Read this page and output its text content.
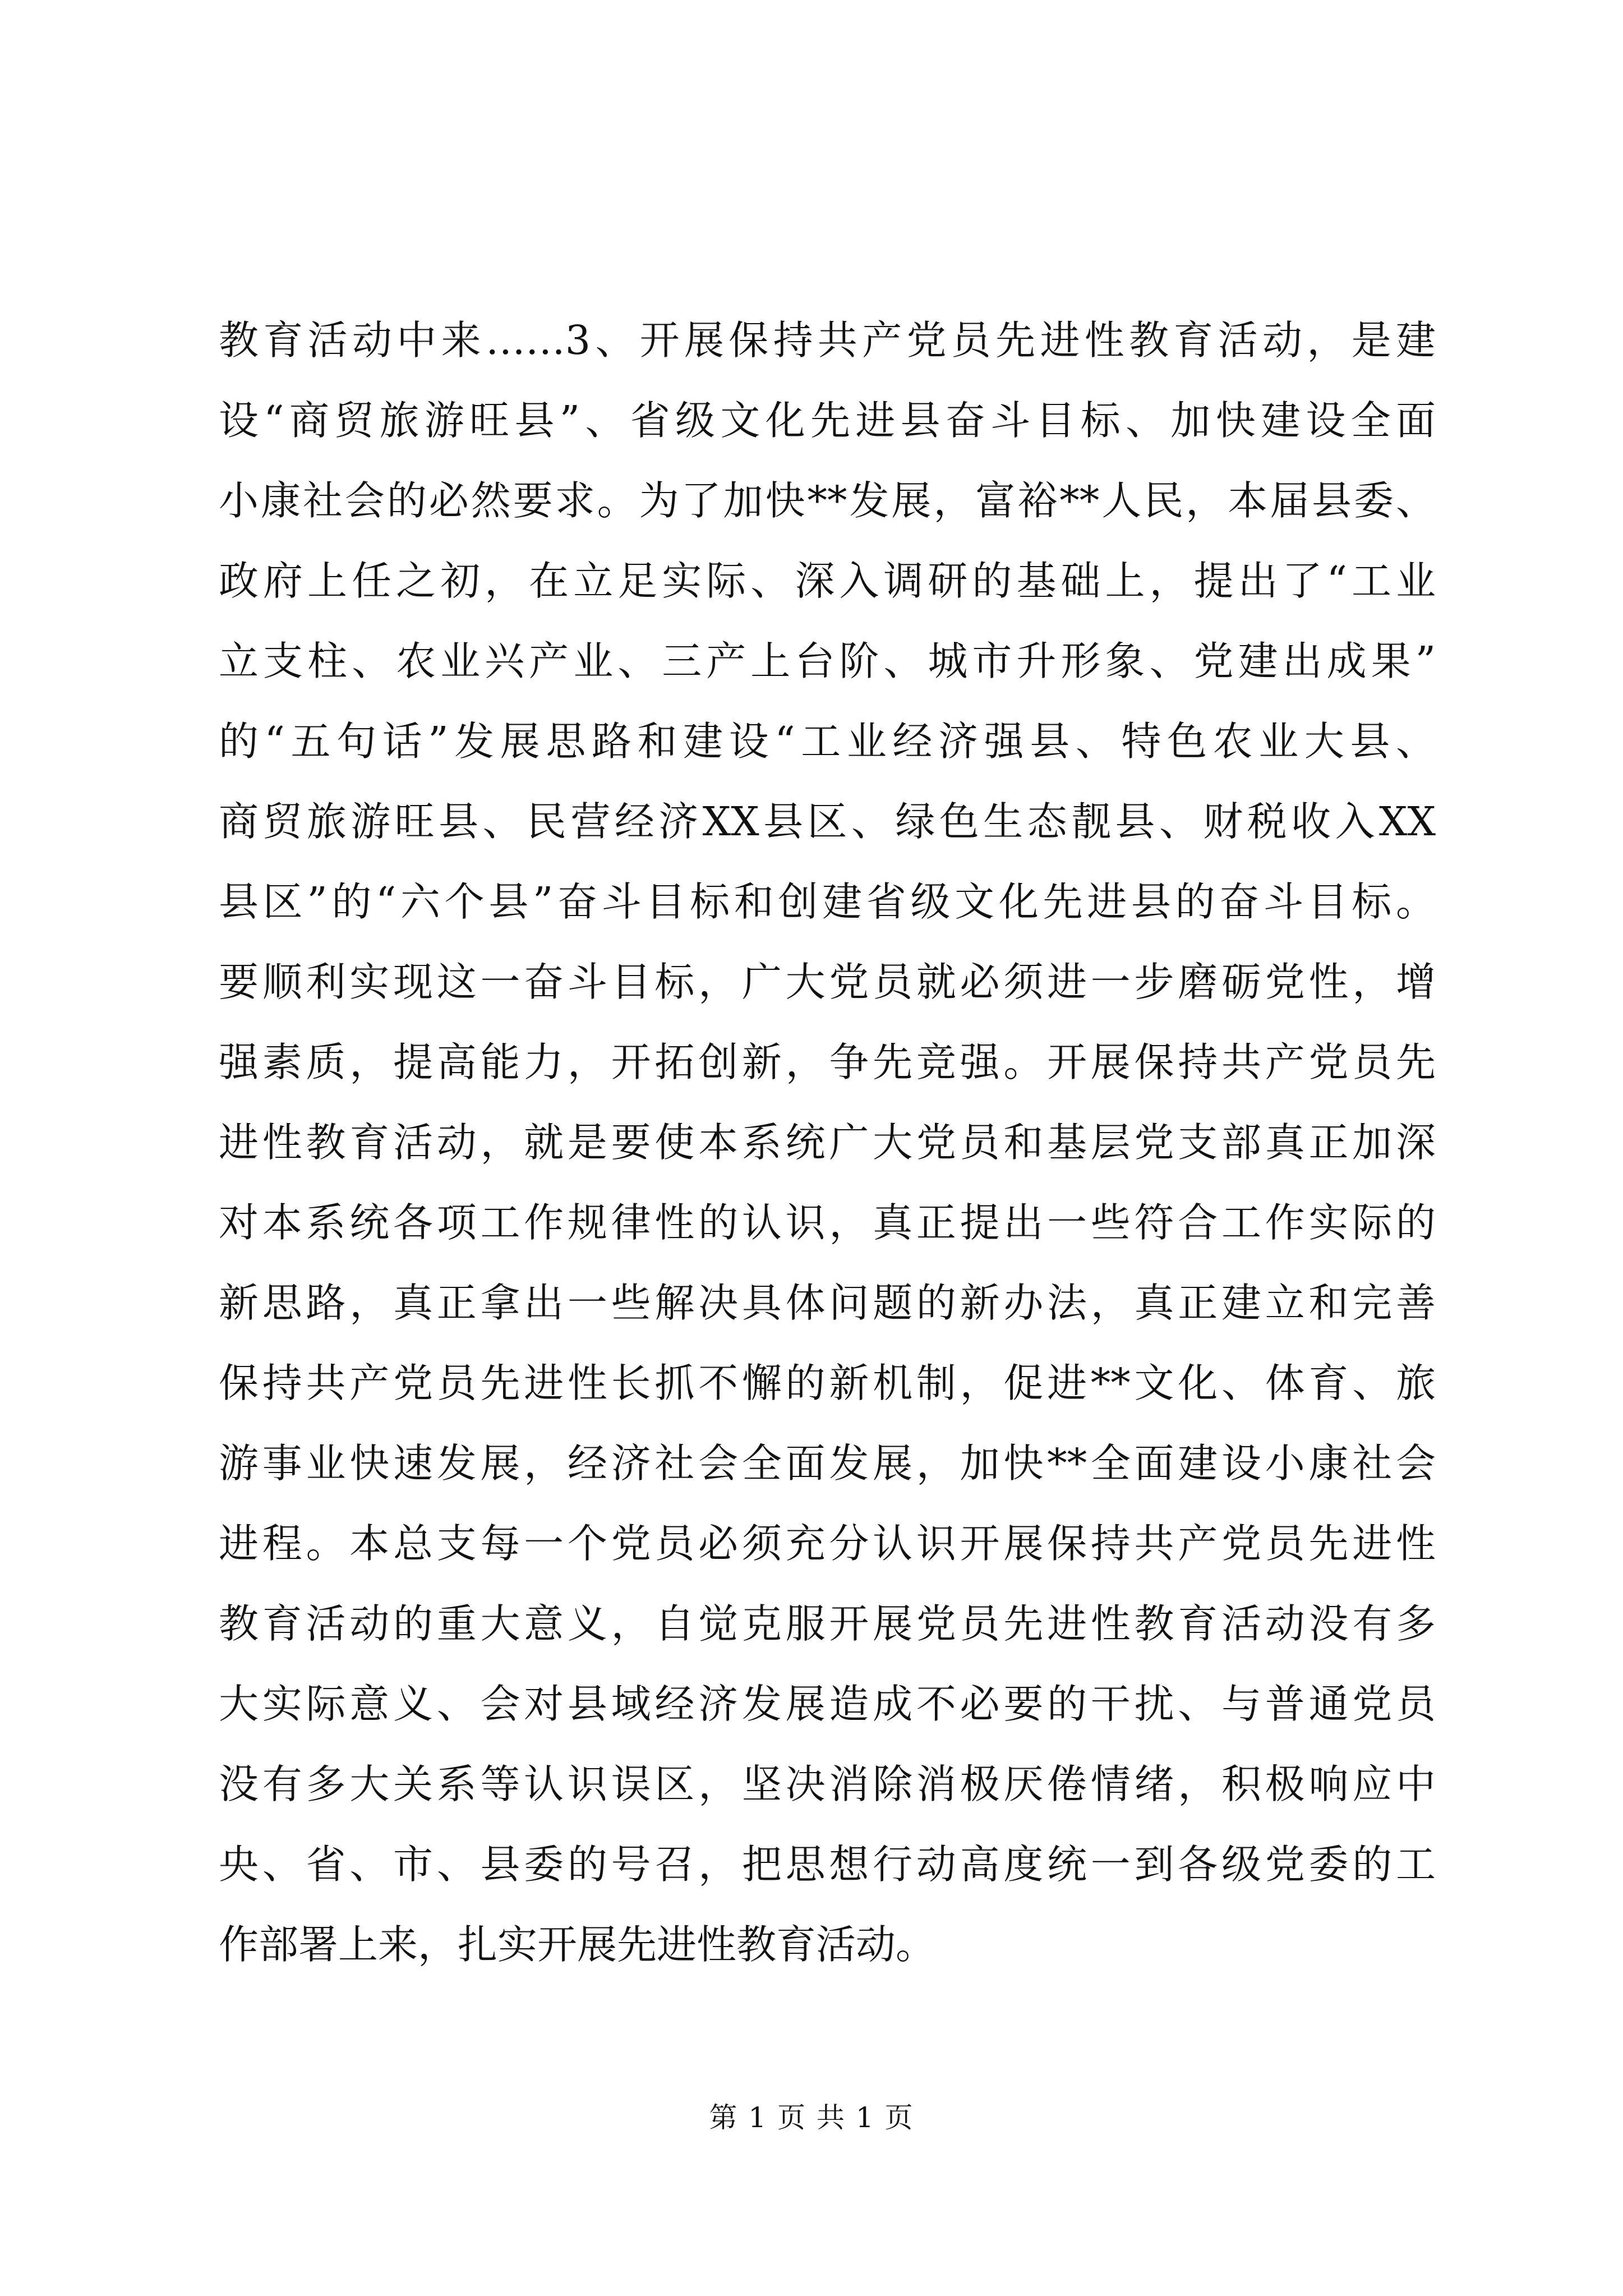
教育活动中来……3、开展保持共产党员先进性教育活动，是建
设“商贸旅游旺县”、省级文化先进县奋斗目标、加快建设全面
小康社会的必然要求。为了加快**发展，富裕**人民，本届县委、
政府上任之初，在立足实际、深入调研的基础上，提出了“工业
立支柱、农业兴产业、三产上台阶、城市升形象、党建出成果”
的“五句话”发展思路和建设“工业经济强县、特色农业大县、
商贸旅游旺县、民营经济XX县区、绿色生态靓县、财税收入XX
县区”的“六个县”奋斗目标和创建省级文化先进县的奋斗目标。
要顺利实现这一奋斗目标，广大党员就必须进一步磨砺党性，增
强素质，提高能力，开拓创新，争先竞强。开展保持共产党员先
进性教育活动，就是要使本系统广大党员和基层党支部真正加深
对本系统各项工作规律性的认识，真正提出一些符合工作实际的
新思路，真正拿出一些解决具体问题的新办法，真正建立和完善
保持共产党员先进性长抓不懈的新机制，促进**文化、体育、旅
游事业快速发展，经济社会全面发展，加快**全面建设小康社会
进程。本总支每一个党员必须充分认识开展保持共产党员先进性
教育活动的重大意义，自觉克服开展党员先进性教育活动没有多
大实际意义、会对县域经济发展造成不必要的干扰、与普通党员
没有多大关系等认识误区，坚决消除消极厌倦情绪，积极响应中
央、省、市、县委的号召，把思想行动高度统一到各级党委的工
作部署上来，扎实开展先进性教育活动。
第 1 页 共 1 页
